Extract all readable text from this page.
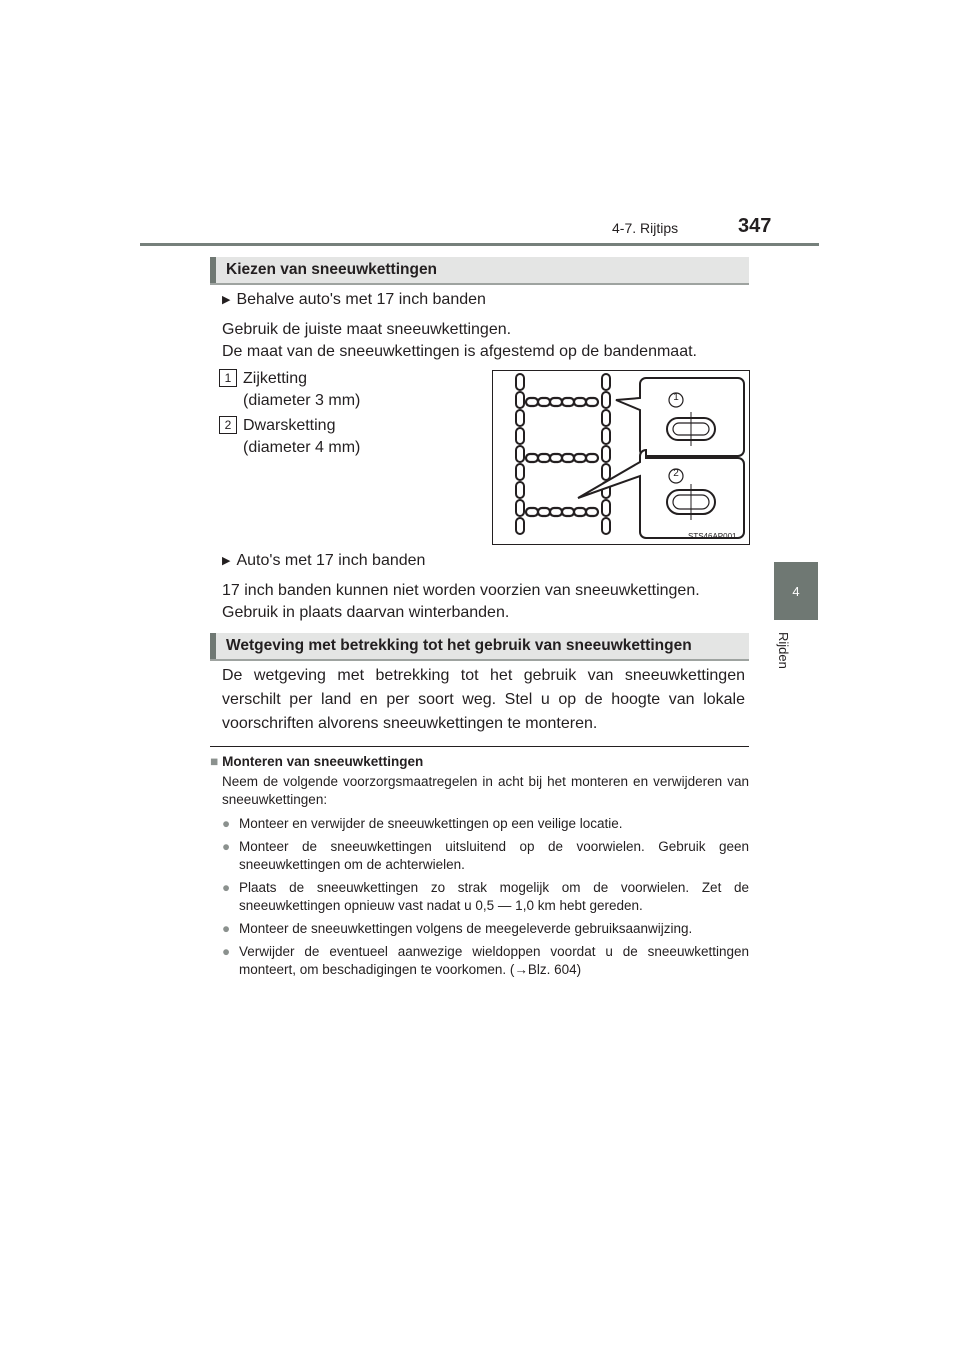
4-7. Rijtips	347
4
Rijden
Kiezen van sneeuwkettingen
▶ Behalve auto's met 17 inch banden
Gebruik de juiste maat sneeuwkettingen.
De maat van de sneeuwkettingen is afgestemd op de bandenmaat.
1 Zijketting
(diameter 3 mm)
2 Dwarsketting
(diameter 4 mm)
1
2
STS46AP001
▶ Auto's met 17 inch banden
17 inch banden kunnen niet worden voorzien van sneeuwkettingen.
Gebruik in plaats daarvan winterbanden.
Wetgeving met betrekking tot het gebruik van sneeuwkettingen
De wetgeving met betrekking tot het gebruik van sneeuwkettingen verschilt per land en per soort weg. Stel u op de hoogte van lokale voorschriften alvorens sneeuwkettingen te monteren.
■ Monteren van sneeuwkettingen
Neem de volgende voorzorgsmaatregelen in acht bij het monteren en verwijderen van sneeuwkettingen:
● Monteer en verwijder de sneeuwkettingen op een veilige locatie.
● Monteer de sneeuwkettingen uitsluitend op de voorwielen. Gebruik geen sneeuwkettingen om de achterwielen.
● Plaats de sneeuwkettingen zo strak mogelijk om de voorwielen. Zet de sneeuwkettingen opnieuw vast nadat u 0,5 — 1,0 km hebt gereden.
● Monteer de sneeuwkettingen volgens de meegeleverde gebruiksaanwijzing.
● Verwijder de eventueel aanwezige wieldoppen voordat u de sneeuwkettingen monteert, om beschadigingen te voorkomen. (→Blz. 604)
